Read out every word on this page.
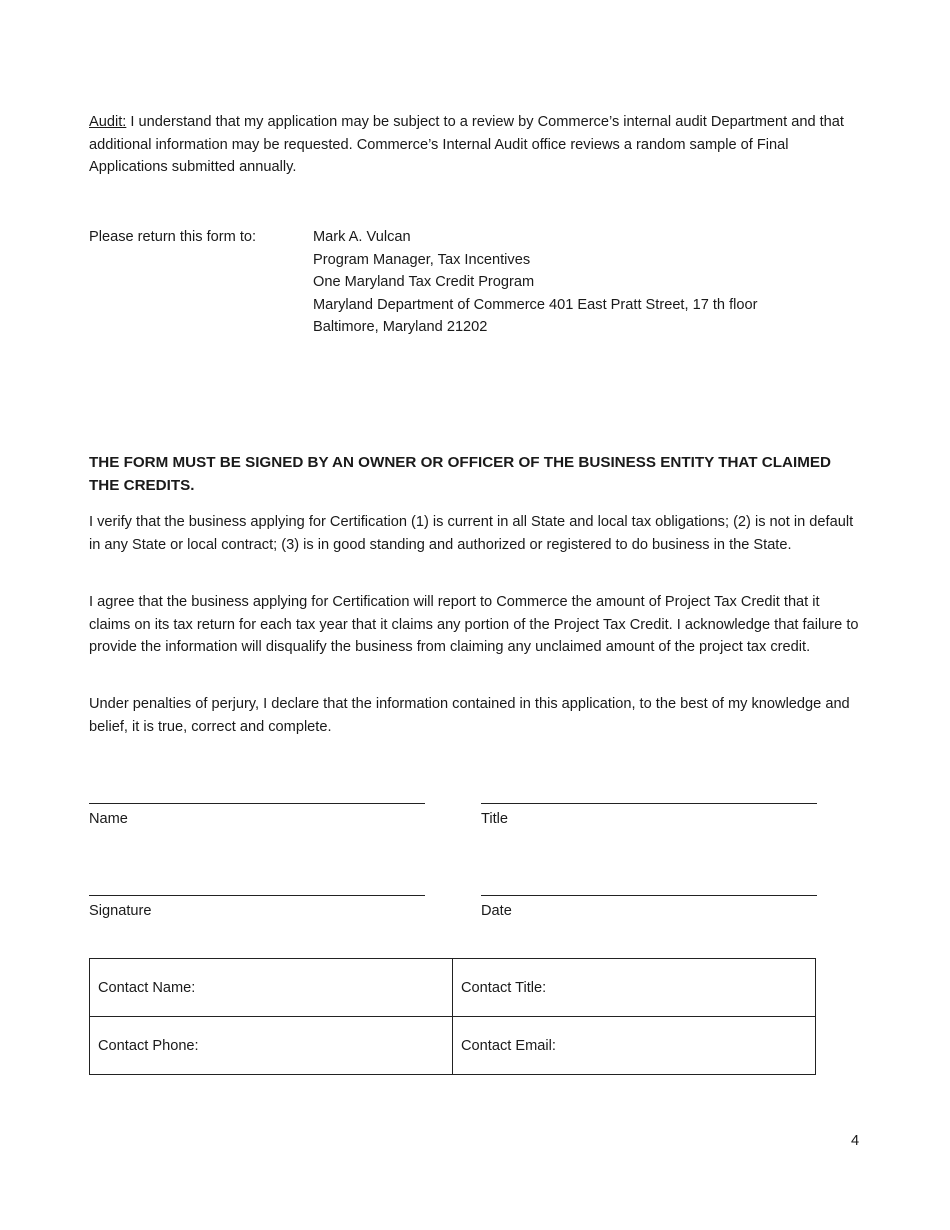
Audit: I understand that my application may be subject to a review by Commerce’s internal audit Department and that additional information may be requested. Commerce’s Internal Audit office reviews a random sample of Final Applications submitted annually.

Please return this form to:	Mark A. Vulcan
Program Manager, Tax Incentives
One Maryland Tax Credit Program
Maryland Department of Commerce 401 East Pratt Street, 17 th floor
Baltimore, Maryland 21202

THE FORM MUST BE SIGNED BY AN OWNER OR OFFICER OF THE BUSINESS ENTITY THAT CLAIMED THE CREDITS.

I verify that the business applying for Certification (1) is current in all State and local tax obligations; (2) is not in default in any State or local contract; (3) is in good standing and authorized or registered to do business in the State.

I agree that the business applying for Certification will report to Commerce the amount of Project Tax Credit that it claims on its tax return for each tax year that it claims any portion of the Project Tax Credit. I acknowledge that failure to provide the information will disqualify the business from claiming any unclaimed amount of the project tax credit.

Under penalties of perjury, I declare that the information contained in this application, to the best of my knowledge and belief, it is true, correct and complete.

Name	Title
Signature	Date
Contact Name:	Contact Title:
Contact Phone:	Contact Email:
4
